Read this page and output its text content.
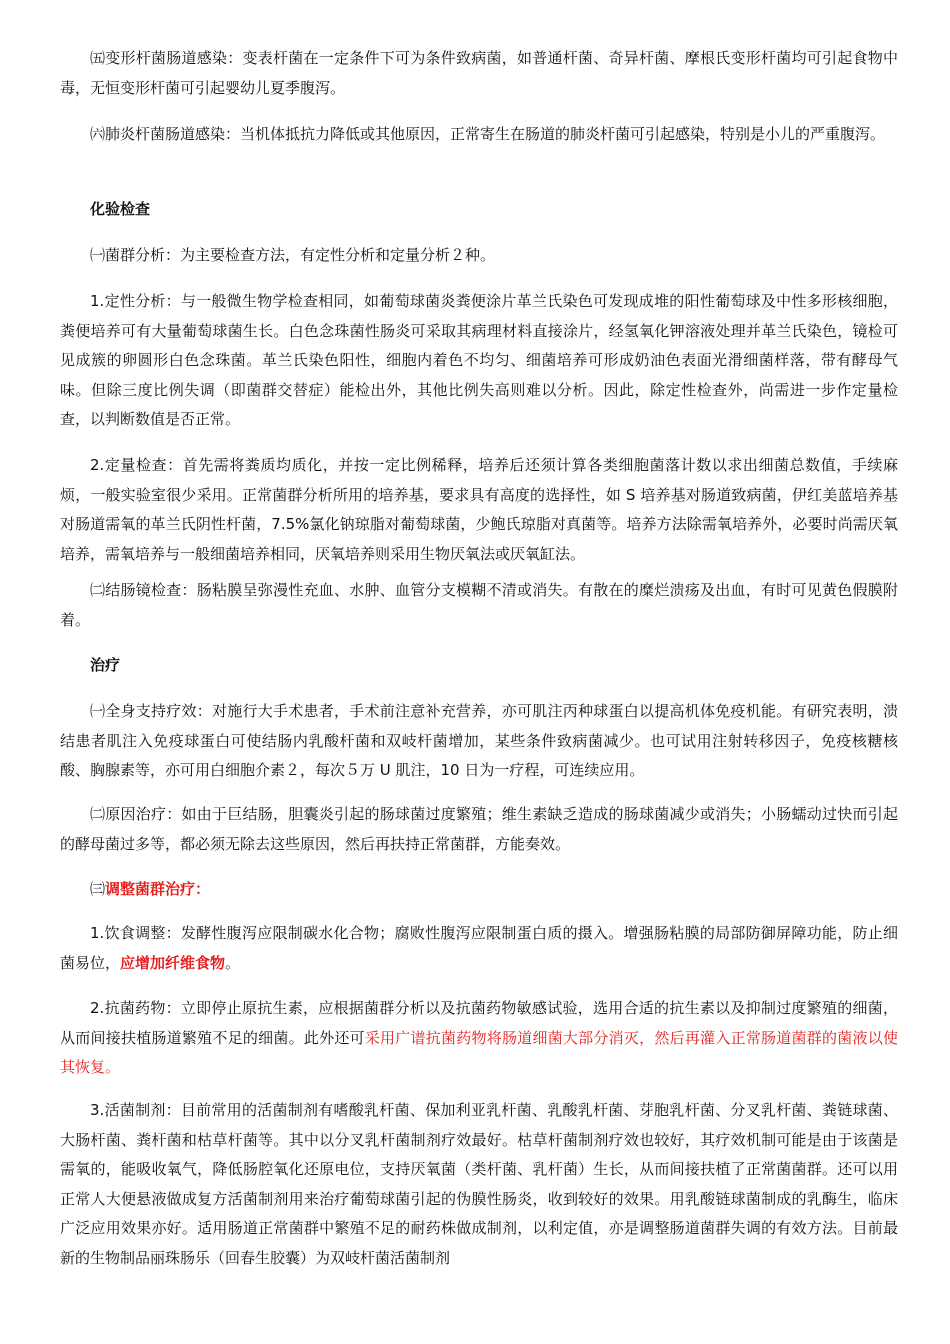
㈤变形杆菌肠道感染：变表杆菌在一定条件下可为条件致病菌，如普通杆菌、奇异杆菌、摩根氏变形杆菌均可引起食物中毒，无恒变形杆菌可引起婴幼儿夏季腹泻。

㈥肺炎杆菌肠道感染：当机体抵抗力降低或其他原因，正常寄生在肠道的肺炎杆菌可引起感染，特别是小儿的严重腹泻。

化验检查

㈠菌群分析：为主要检查方法，有定性分析和定量分析２种。

1.定性分析：与一般微生物学检查相同，如葡萄球菌炎粪便涂片革兰氏染色可发现成堆的阳性葡萄球及中性多形核细胞，粪便培养可有大量葡萄球菌生长。白色念珠菌性肠炎可采取其病理材料直接涂片，经氢氧化钾溶液处理并革兰氏染色，镜检可见成簇的卵圆形白色念珠菌。革兰氏染色阳性，细胞内着色不均匀、细菌培养可形成奶油色表面光滑细菌样落，带有酵母气味。但除三度比例失调（即菌群交替症）能检出外，其他比例失高则难以分析。因此，除定性检查外，尚需进一步作定量检查，以判断数值是否正常。

2.定量检查：首先需将粪质均质化，并按一定比例稀释，培养后还须计算各类细胞菌落计数以求出细菌总数值，手续麻烦，一般实验室很少采用。正常菌群分析所用的培养基，要求具有高度的选择性，如 S 培养基对肠道致病菌，伊红美蓝培养基对肠道需氧的革兰氏阴性杆菌，7.5%氯化钠琼脂对葡萄球菌，少鲍氏琼脂对真菌等。培养方法除需氧培养外，必要时尚需厌氧培养，需氧培养与一般细菌培养相同，厌氧培养则采用生物厌氧法或厌氧缸法。

㈡结肠镜检查：肠粘膜呈弥漫性充血、水肿、血管分支模糊不清或消失。有散在的糜烂溃疡及出血，有时可见黄色假膜附着。

治疗

㈠全身支持疗效：对施行大手术患者，手术前注意补充营养，亦可肌注丙种球蛋白以提高机体免疫机能。有研究表明，溃结患者肌注入免疫球蛋白可使结肠内乳酸杆菌和双岐杆菌增加，某些条件致病菌减少。也可试用注射转移因子，免疫核糖核酸、胸腺素等，亦可用白细胞介素２，每次５万 U 肌注，10 日为一疗程，可连续应用。

㈡原因治疗：如由于巨结肠，胆囊炎引起的肠球菌过度繁殖；维生素缺乏造成的肠球菌减少或消失；小肠蠕动过快而引起的酵母菌过多等，都必须无除去这些原因，然后再扶持正常菌群，方能奏效。

㈢调整菌群治疗：

1.饮食调整：发酵性腹泻应限制碳水化合物；腐败性腹泻应限制蛋白质的摄入。增强肠粘膜的局部防御屏障功能，防止细菌易位，应增加纤维食物。

2.抗菌药物：立即停止原抗生素，应根据菌群分析以及抗菌药物敏感试验，选用合适的抗生素以及抑制过度繁殖的细菌，从而间接扶植肠道繁殖不足的细菌。此外还可采用广谱抗菌药物将肠道细菌大部分消灭，然后再灌入正常肠道菌群的菌液以使其恢复。

3.活菌制剂：目前常用的活菌制剂有嗜酸乳杆菌、保加利亚乳杆菌、乳酸乳杆菌、芽胞乳杆菌、分叉乳杆菌、粪链球菌、大肠杆菌、粪杆菌和枯草杆菌等。其中以分叉乳杆菌制剂疗效最好。枯草杆菌制剂疗效也较好，其疗效机制可能是由于该菌是需氧的，能吸收氧气，降低肠腔氧化还原电位，支持厌氧菌（类杆菌、乳杆菌）生长，从而间接扶植了正常菌菌群。还可以用正常人大便悬液做成复方活菌制剂用来治疗葡萄球菌引起的伪膜性肠炎，收到较好的效果。用乳酸链球菌制成的乳酶生，临床广泛应用效果亦好。适用肠道正常菌群中繁殖不足的耐药株做成制剂，以利定值，亦是调整肠道菌群失调的有效方法。目前最新的生物制品丽珠肠乐（回春生胶囊）为双岐杆菌活菌制剂
